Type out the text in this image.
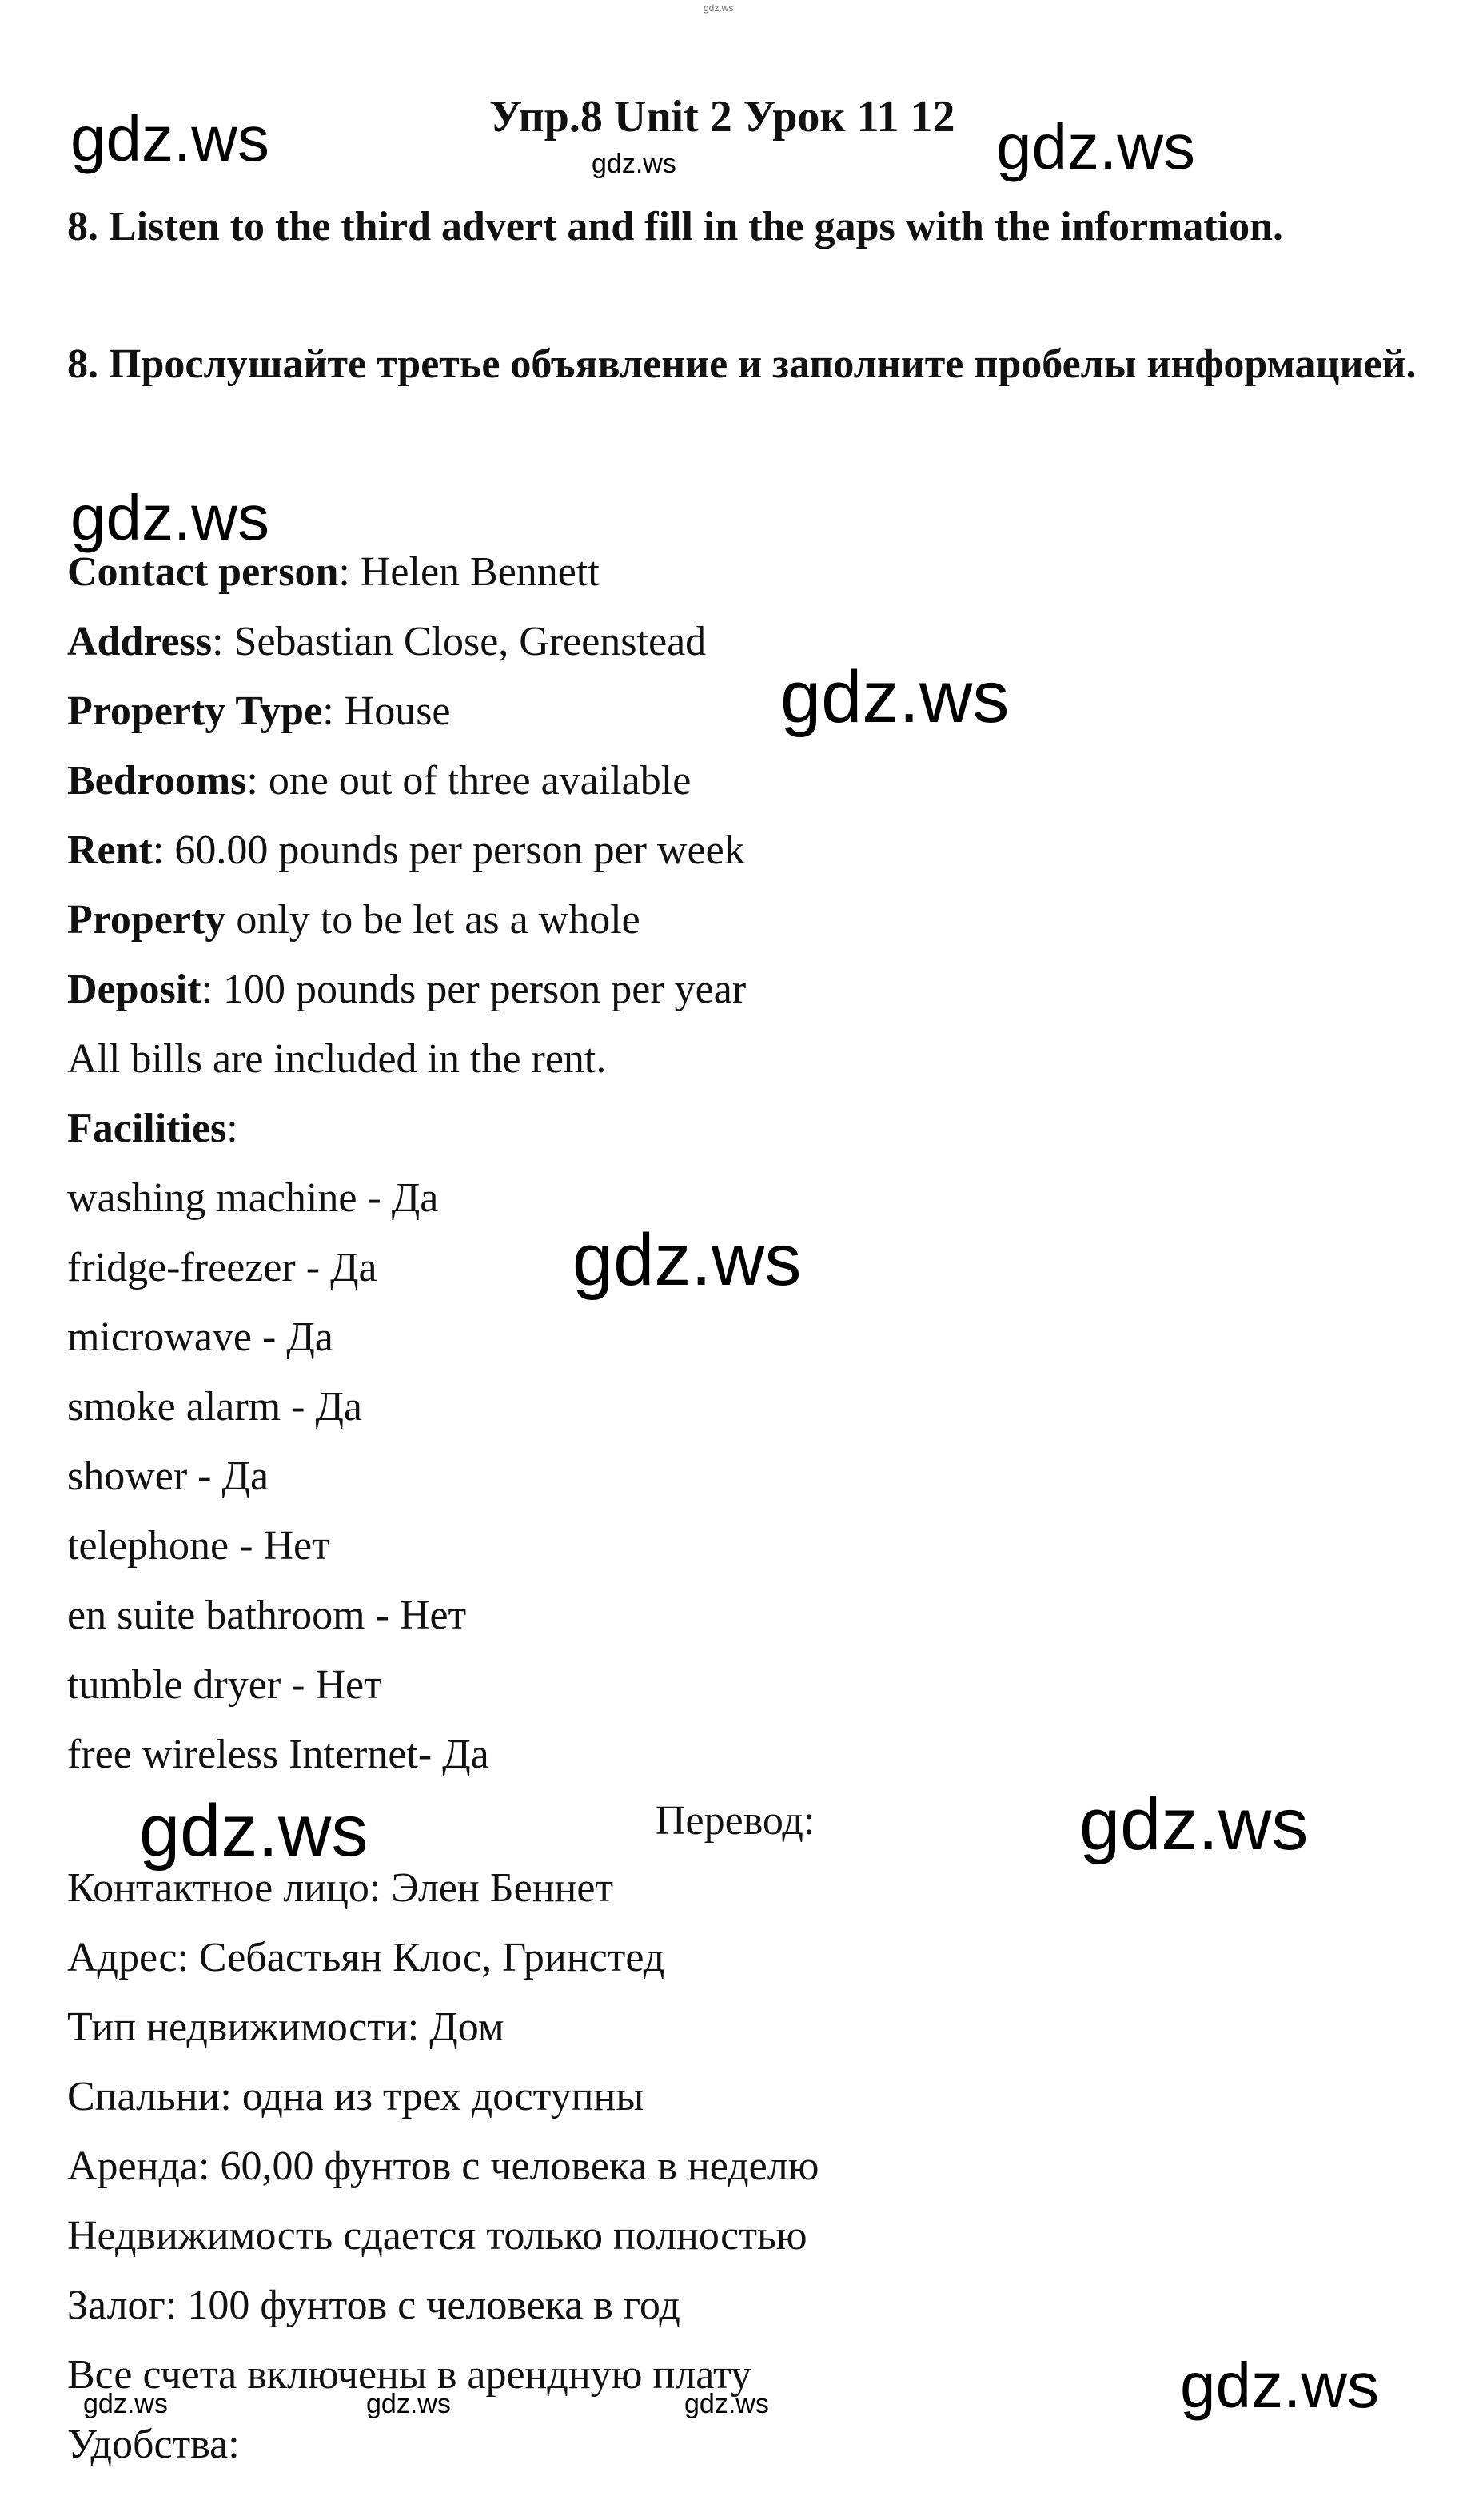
gdz.ws
gdz.ws	gdz.ws
gdz.ws
gdz.ws
gdz.ws
gdz.ws
gdz.ws	gdz.ws
gdz.ws
gdz.ws	gdz.ws	gdz.ws
Упр.8 Unit 2 Урок 11 12
8. Listen to the third advert and fill in the gaps with the information.
8. Прослушайте третье объявление и заполните пробелы информацией.
Contact person: Helen Bennett
Address: Sebastian Close, Greenstead
Property Type: House
Bedrooms: one out of three available
Rent: 60.00 pounds per person per week
Property only to be let as a whole
Deposit: 100 pounds per person per year
All bills are included in the rent.
Facilities:
washing machine - Да
fridge-freezer - Да
microwave - Да
smoke alarm - Да
shower - Да
telephone - Нет
en suite bathroom - Нет
tumble dryer - Нет
free wireless Internet- Да
Перевод:
Контактное лицо: Элен Беннет
Адрес: Себастьян Клос, Гринстед
Тип недвижимости: Дом
Спальни: одна из трех доступны
Аренда: 60,00 фунтов с человека в неделю
Недвижимость сдается только полностью
Залог: 100 фунтов с человека в год
Все счета включены в арендную плату
Удобства:
